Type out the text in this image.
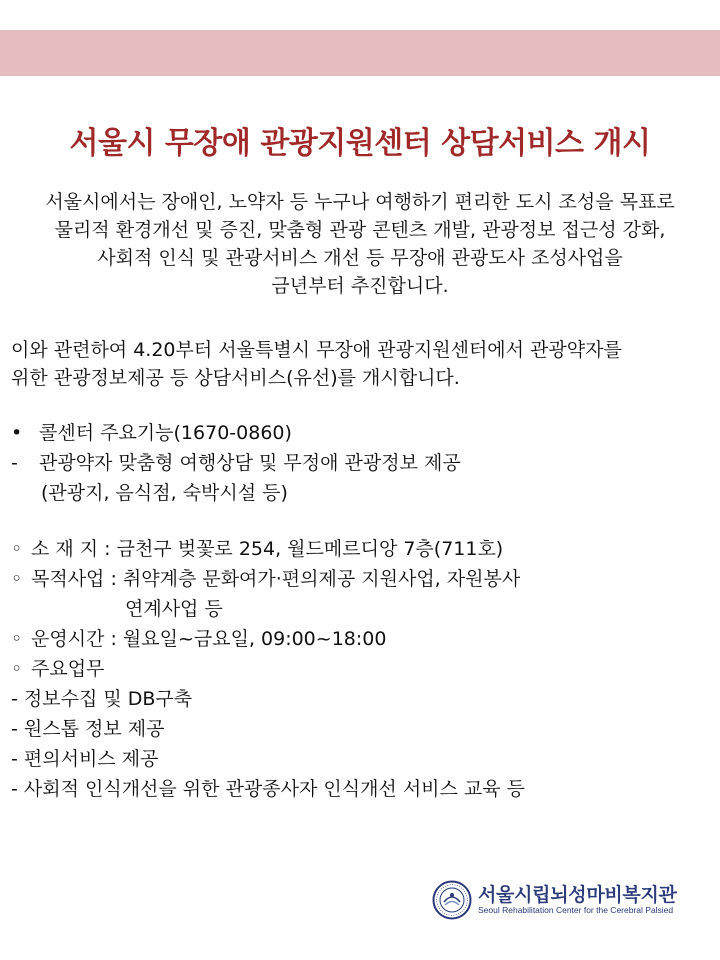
서울시 무장애 관광지원센터 상담서비스 개시
서울시에서는 장애인, 노약자 등 누구나 여행하기 편리한 도시 조성을 목표로
물리적 환경개선 및 증진, 맞춤형 관광 콘텐츠 개발, 관광정보 접근성 강화,
사회적 인식 및 관광서비스 개선 등 무장애 관광도사 조성사업을
금년부터 추진합니다.
이와 관련하여 4.20부터 서울특별시 무장애 관광지원센터에서 관광약자를
위한 관광정보제공 등 상담서비스(유선)를 개시합니다.
• 콜센터 주요기능(1670-0860)
-	관광약자 맞춤형 여행상담 및 무정애 관광정보 제공
(관광지, 음식점, 숙박시설 등)
◦ 소 재 지 : 금천구 벚꽃로 254, 월드메르디앙 7층(711호)
◦ 목적사업 : 취약계층 문화여가·편의제공 지원사업, 자원봉사
연계사업 등
◦ 운영시간 : 월요일~금요일, 09:00~18:00
◦ 주요업무
- 정보수집 및 DB구축
- 원스톱 정보 제공
- 편의서비스 제공
- 사회적 인식개선을 위한 관광종사자 인식개선 서비스 교육 등
서울시립뇌성마비복지관
Seoul Rehabilitation Center for the Cerebral Palsied
